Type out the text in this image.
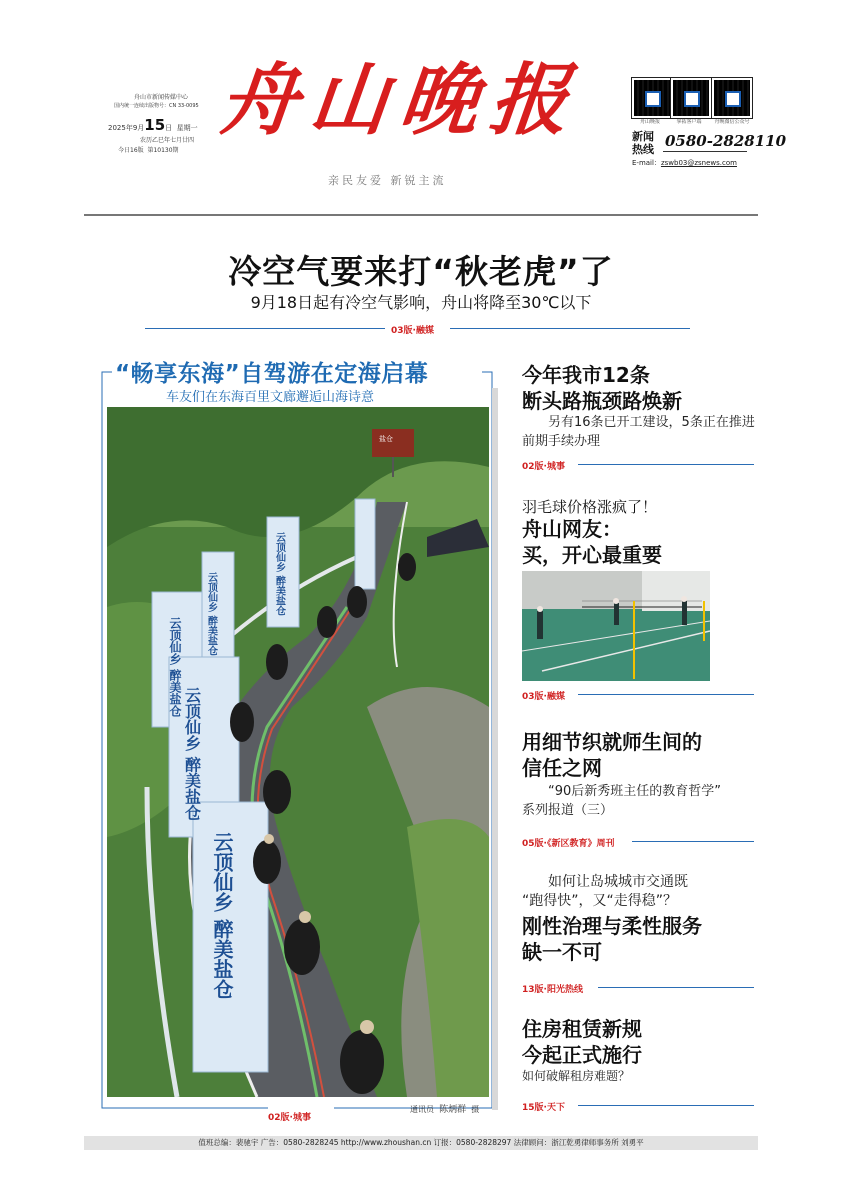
舟山市新闻传媒中心
国内统一连续出版物号：CN 33-0095
2025年9月15日 星期一
农历乙巳年七月廿四
今日16版 第10130期
舟山晚报
亲民友爱 新锐主流
舟山晚报	掌拓客户端	舟晚微信公众号
新闻
热线 0580-2828110
E-mail：zswb03@zsnews.com
冷空气要来打“秋老虎”了
9月18日起有冷空气影响，舟山将降至30℃以下
03版·融媒
“畅享东海”自驾游在定海启幕
车友们在东海百里文廊邂逅山海诗意
云顶仙乡 醉美盐仓
云顶仙乡 醉美盐仓	云顶仙乡 醉美盐仓
云顶仙乡 醉美盐仓
云顶仙乡 醉美盐仓
盐仓
通讯员 陈炳群 摄
02版·城事
今年我市12条
断头路瓶颈路焕新
另有16条已开工建设，5条正在推进前期手续办理
02版·城事
羽毛球价格涨疯了！
舟山网友：
买，开心最重要
03版·融媒
用细节织就师生间的
信任之网
“90后新秀班主任的教育哲学”
系列报道（三）
05版·《新区教育》周刊
如何让岛城城市交通既
“跑得快”，又“走得稳”？
刚性治理与柔性服务
缺一不可
13版·阳光热线
住房租赁新规
今起正式施行
如何破解租房难题？
15版·天下
值班总编：裴驰宇 广告：0580-2828245 http://www.zhoushan.cn 订报：0580-2828297 法律顾问：浙江乾勇律师事务所 刘勇平
